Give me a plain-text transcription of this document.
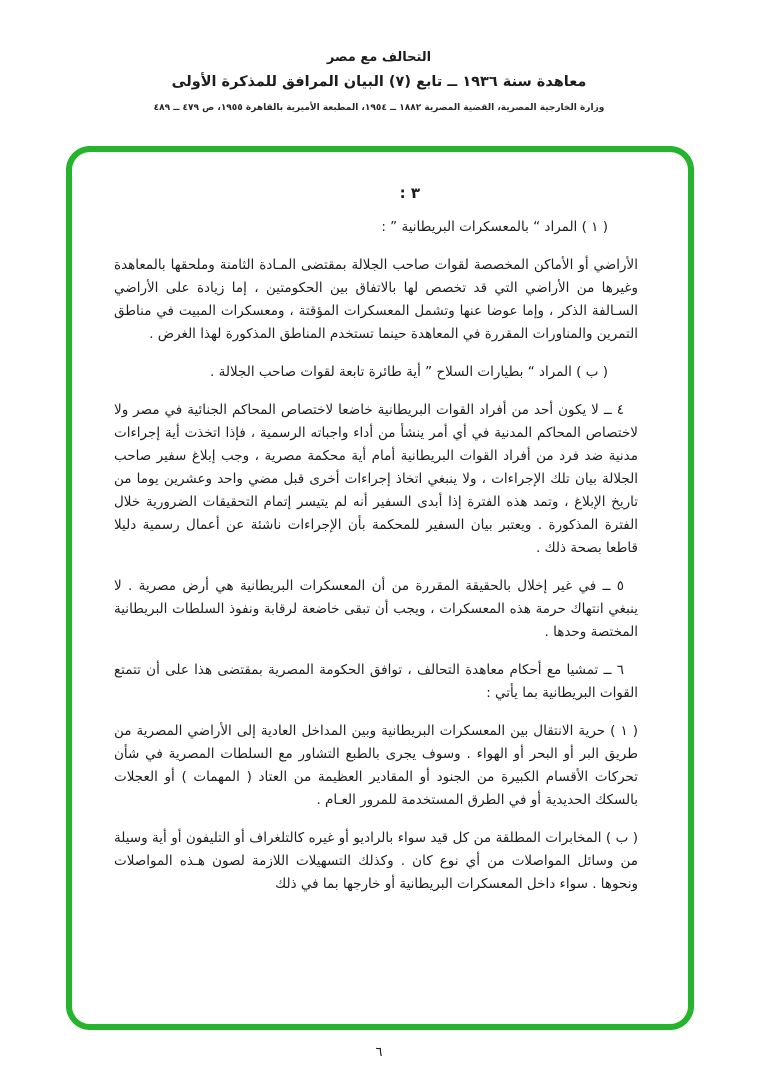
التحالف مع مصر
معاهدة سنة ١٩٣٦ ــ تابع (٧) البيان المرافق للمذكرة الأولى
وزارة الخارجية المصرية، القضية المصرية ١٨٨٢ ــ ١٩٥٤، المطبعة الأميرية بالقاهرة ١٩٥٥، ص ٤٧٩ ــ ٤٨٩
٣ :

( ١ ) المراد “ بالمعسكرات البريطانية ” :

الأراضي أو الأماكن المخصصة لقوات صاحب الجلالة بمقتضى المـادة الثامنة وملحقها بالمعاهدة وغيرها من الأراضي التي قد تخصص لها بالاتفاق بين الحكومتين ، إما زيادة على الأراضي السـالفة الذكر ، وإما عوضا عنها وتشمل المعسكرات المؤقتة ، ومعسكرات المبيت في مناطق التمرين والمناورات المقررة في المعاهدة حينما تستخدم المناطق المذكورة لهذا الغرض .

( ب ) المراد “ بطيارات السلاح ” أية طائرة تابعة لقوات صاحب الجلالة .

٤ ــ لا يكون أحد من أفراد القوات البريطانية خاضعا لاختصاص المحاكم الجنائية في مصر ولا لاختصاص المحاكم المدنية في أي أمر ينشأ من أداء واجباته الرسمية ، فإذا اتخذت أية إجراءات مدنية ضد فرد من أفراد القوات البريطانية أمام أية محكمة مصرية ، وجب إبلاغ سفير صاحب الجلالة بيان تلك الإجراءات ، ولا ينبغي اتخاذ إجراءات أخرى قبل مضي واحد وعشرين يوما من تاريخ الإبلاغ ، وتمد هذه الفترة إذا أبدى السفير أنه لم يتيسر إتمام التحقيقات الضرورية خلال الفترة المذكورة . ويعتبر بيان السفير للمحكمة بأن الإجراءات ناشئة عن أعمال رسمية دليلا قاطعا بصحة ذلك .

٥ ــ في غير إخلال بالحقيقة المقررة من أن المعسكرات البريطانية هي أرض مصرية . لا ينبغي انتهاك حرمة هذه المعسكرات ، ويجب أن تبقى خاضعة لرقابة ونفوذ السلطات البريطانية المختصة وحدها .

٦ ــ تمشيا مع أحكام معاهدة التحالف ، توافق الحكومة المصرية بمقتضى هذا على أن تتمتع القوات البريطانية بما يأتي :

( ١ ) حرية الانتقال بين المعسكرات البريطانية وبين المداخل العادية إلى الأراضي المصرية من طريق البر أو البحر أو الهواء . وسوف يجرى بالطبع التشاور مع السلطات المصرية في شأن تحركات الأقسام الكبيرة من الجنود أو المقادير العظيمة من العتاد ( المهمات ) أو العجلات بالسكك الحديدية أو في الطرق المستخدمة للمرور العـام .

( ب ) المخابرات المطلقة من كل قيد سواء بالراديو أو غيره كالتلغراف أو التليفون أو أية وسيلة من وسائل المواصلات من أي نوع كان . وكذلك التسهيلات اللازمة لصون هـذه المواصلات ونحوها . سواء داخل المعسكرات البريطانية أو خارجها بما في ذلك

٦
